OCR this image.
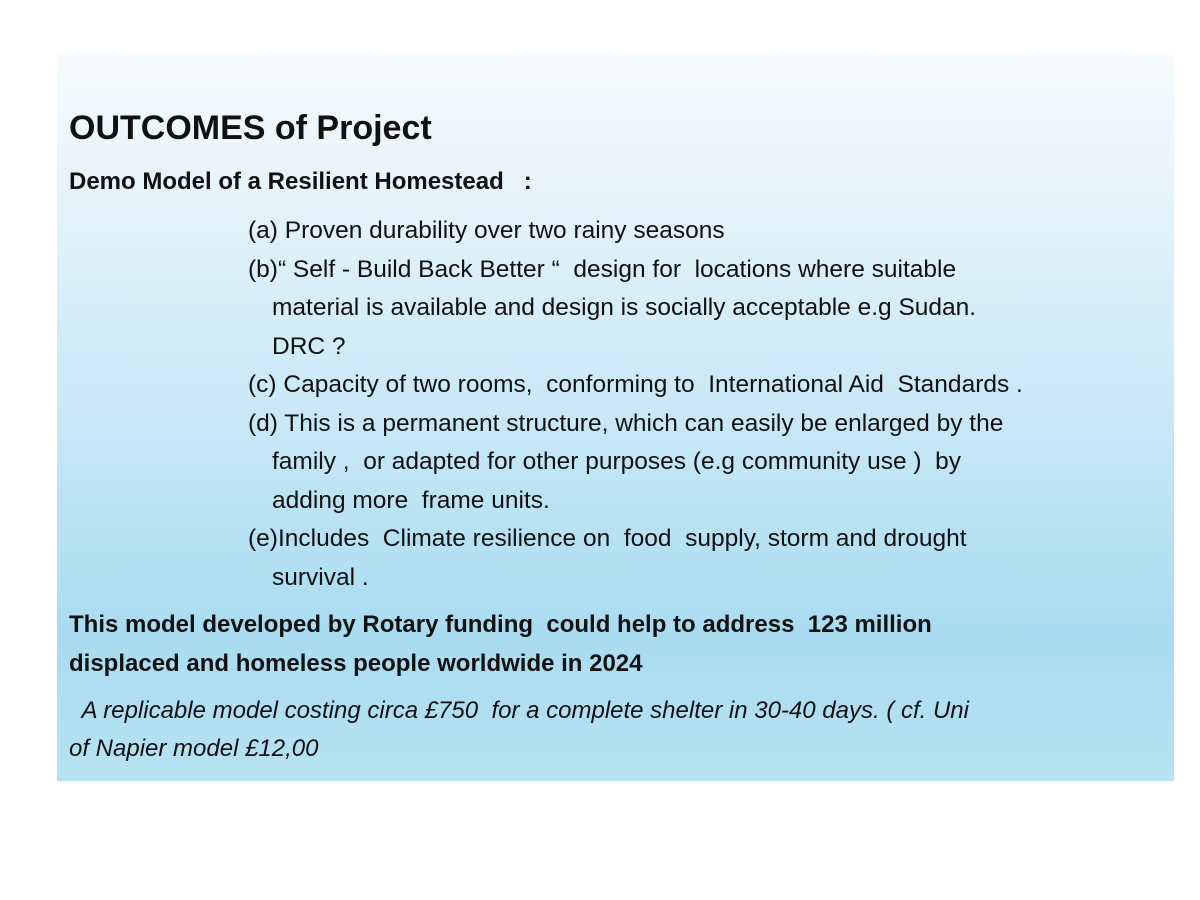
OUTCOMES of Project

Demo Model of a Resilient Homestead   :

(a) Proven durability over two rainy seasons
(b)“ Self - Build Back Better “  design for  locations where suitable
material is available and design is socially acceptable e.g Sudan.
DRC ?
(c) Capacity of two rooms,  conforming to  International Aid  Standards .
(d) This is a permanent structure, which can easily be enlarged by the
family ,  or adapted for other purposes (e.g community use )  by
adding more  frame units.
(e)Includes  Climate resilience on  food  supply, storm and drought
survival .

This model developed by Rotary funding  could help to address  123 million
displaced and homeless people worldwide in 2024

A replicable model costing circa £750  for a complete shelter in 30-40 days. ( cf. Uni
of Napier model £12,00
